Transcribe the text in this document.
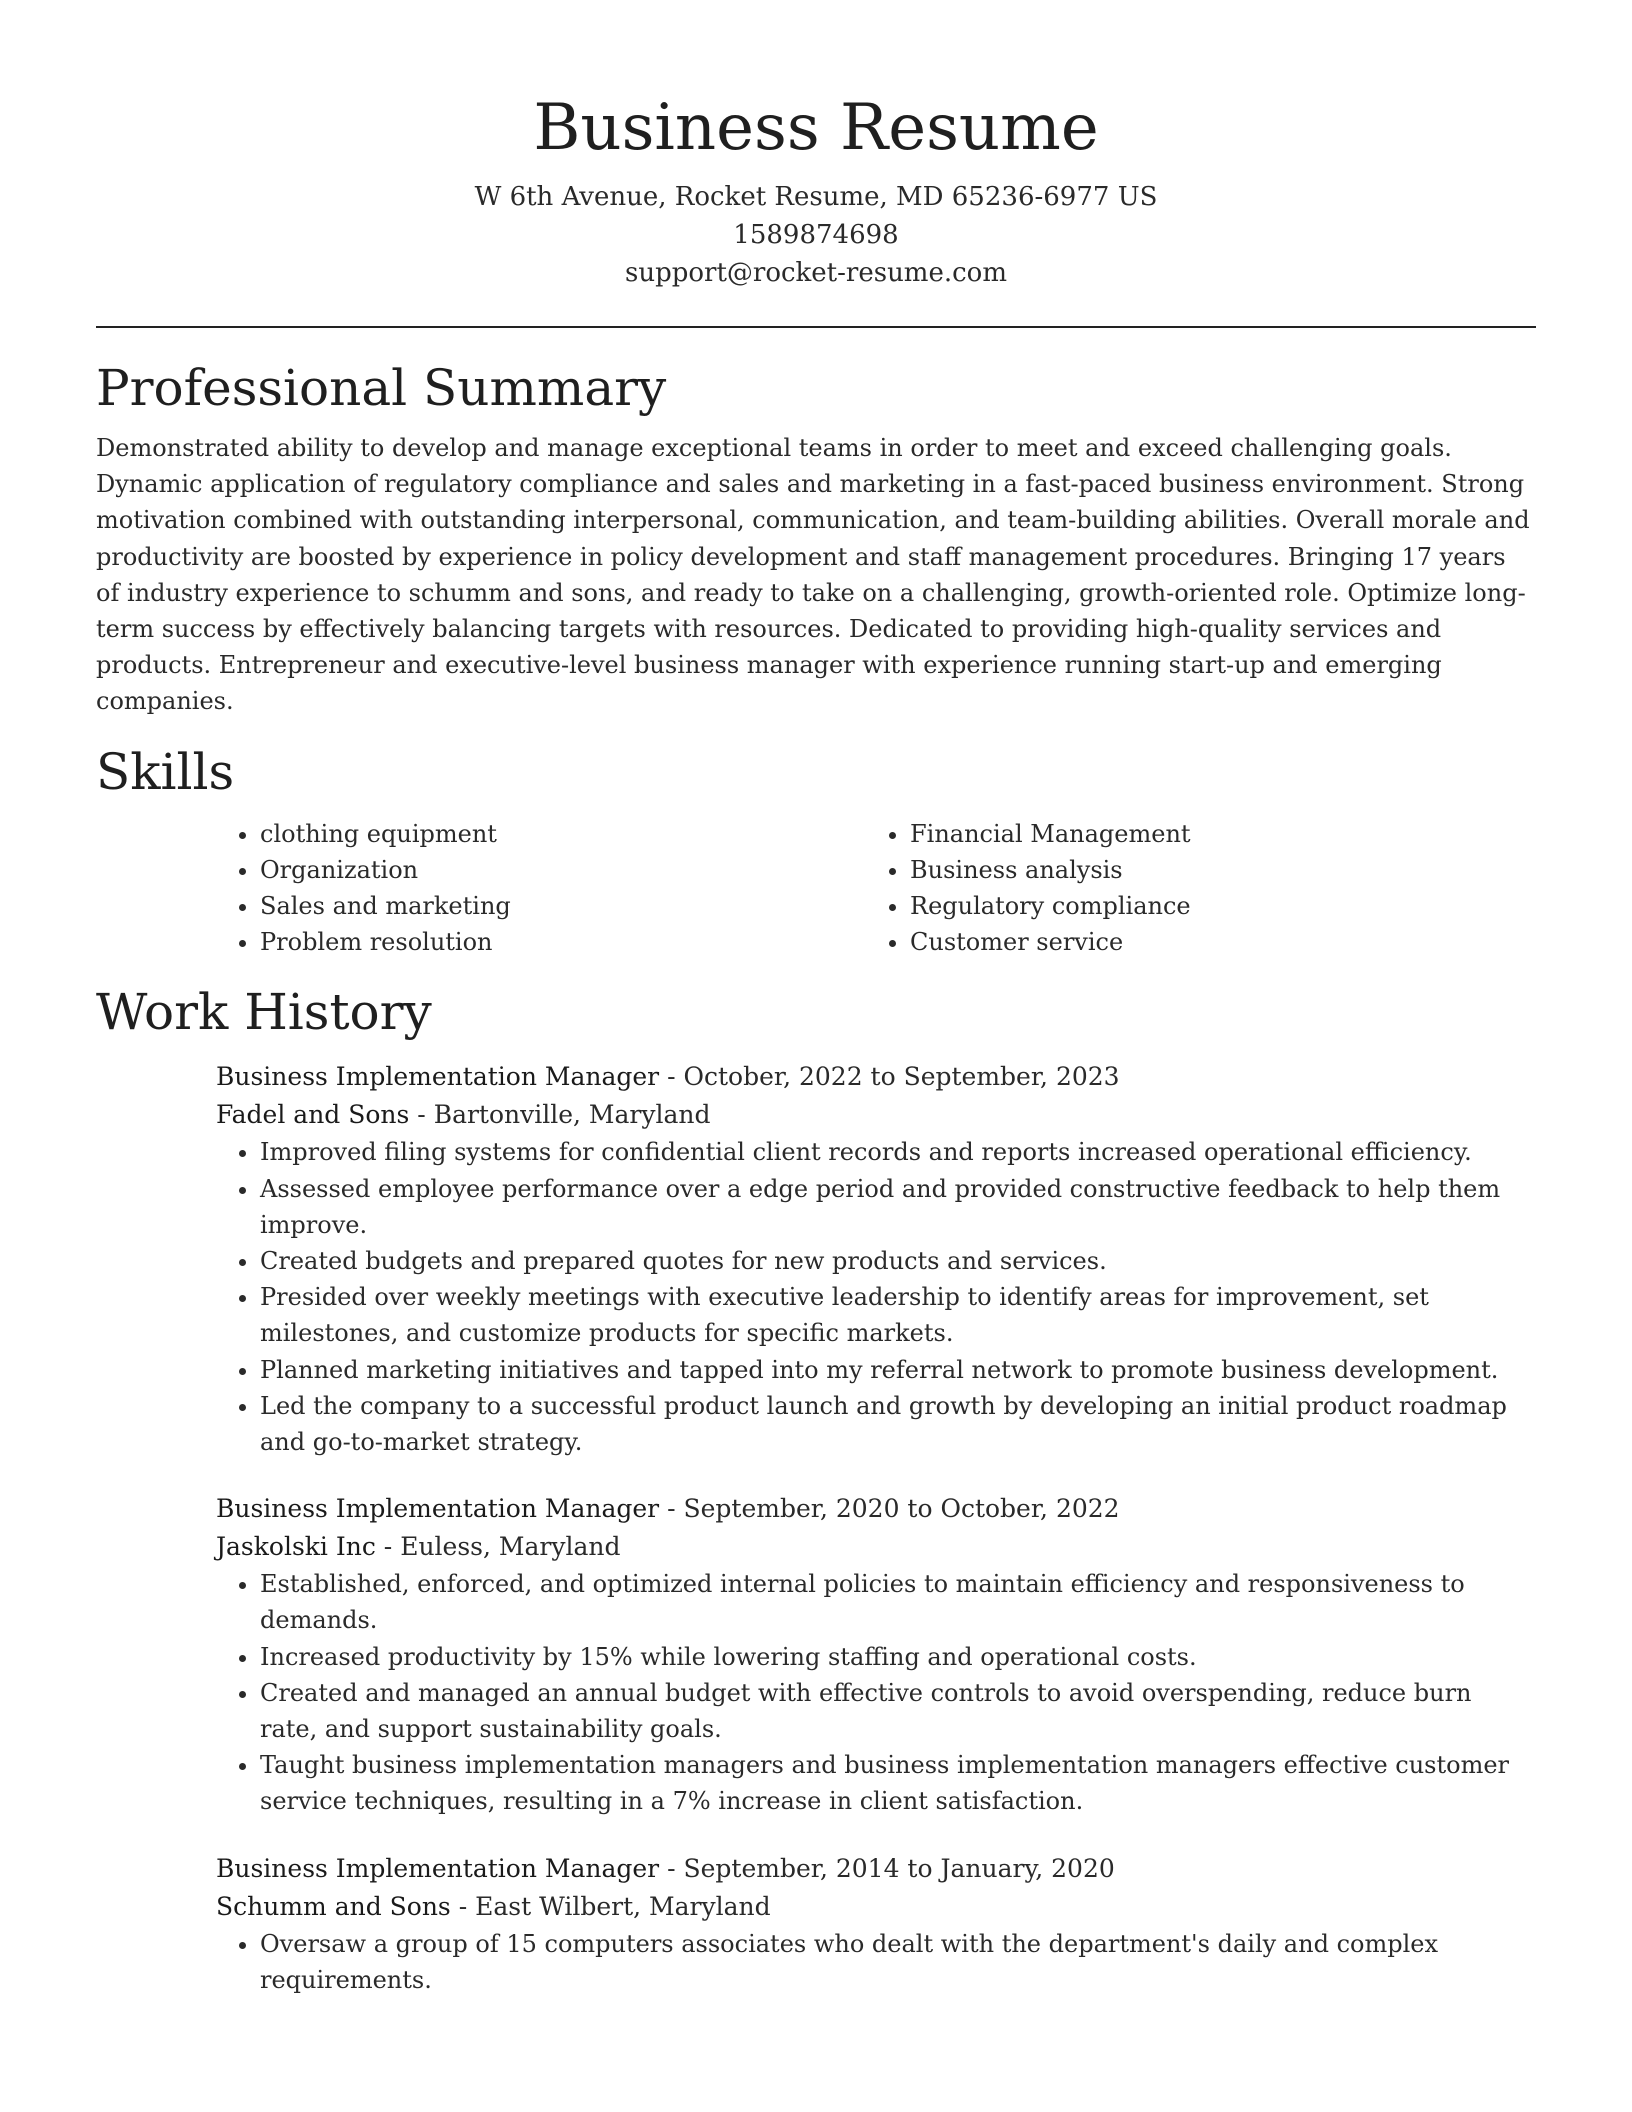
Business Resume
W 6th Avenue, Rocket Resume, MD 65236-6977 US
1589874698
support@rocket-resume.com
Professional Summary

Demonstrated ability to develop and manage exceptional teams in order to meet and exceed challenging goals. Dynamic application of regulatory compliance and sales and marketing in a fast-paced business environment. Strong motivation combined with outstanding interpersonal, communication, and team-building abilities. Overall morale and productivity are boosted by experience in policy development and staff management procedures. Bringing 17 years of industry experience to schumm and sons, and ready to take on a challenging, growth-oriented role. Optimize long-term success by effectively balancing targets with resources. Dedicated to providing high-quality services and products. Entrepreneur and executive-level business manager with experience running start-up and emerging companies.

Skills
• clothing equipment
• Organization
• Sales and marketing
• Problem resolution
• Financial Management
• Business analysis
• Regulatory compliance
• Customer service
Work History
Business Implementation Manager - October, 2022 to September, 2023
Fadel and Sons - Bartonville, Maryland
• Improved filing systems for confidential client records and reports increased operational efficiency.
• Assessed employee performance over a edge period and provided constructive feedback to help them improve.
• Created budgets and prepared quotes for new products and services.
• Presided over weekly meetings with executive leadership to identify areas for improvement, set milestones, and customize products for specific markets.
• Planned marketing initiatives and tapped into my referral network to promote business development.
• Led the company to a successful product launch and growth by developing an initial product roadmap and go-to-market strategy.
Business Implementation Manager - September, 2020 to October, 2022
Jaskolski Inc - Euless, Maryland
• Established, enforced, and optimized internal policies to maintain efficiency and responsiveness to demands.
• Increased productivity by 15% while lowering staffing and operational costs.
• Created and managed an annual budget with effective controls to avoid overspending, reduce burn rate, and support sustainability goals.
• Taught business implementation managers and business implementation managers effective customer service techniques, resulting in a 7% increase in client satisfaction.
Business Implementation Manager - September, 2014 to January, 2020
Schumm and Sons - East Wilbert, Maryland
• Oversaw a group of 15 computers associates who dealt with the department's daily and complex requirements.
